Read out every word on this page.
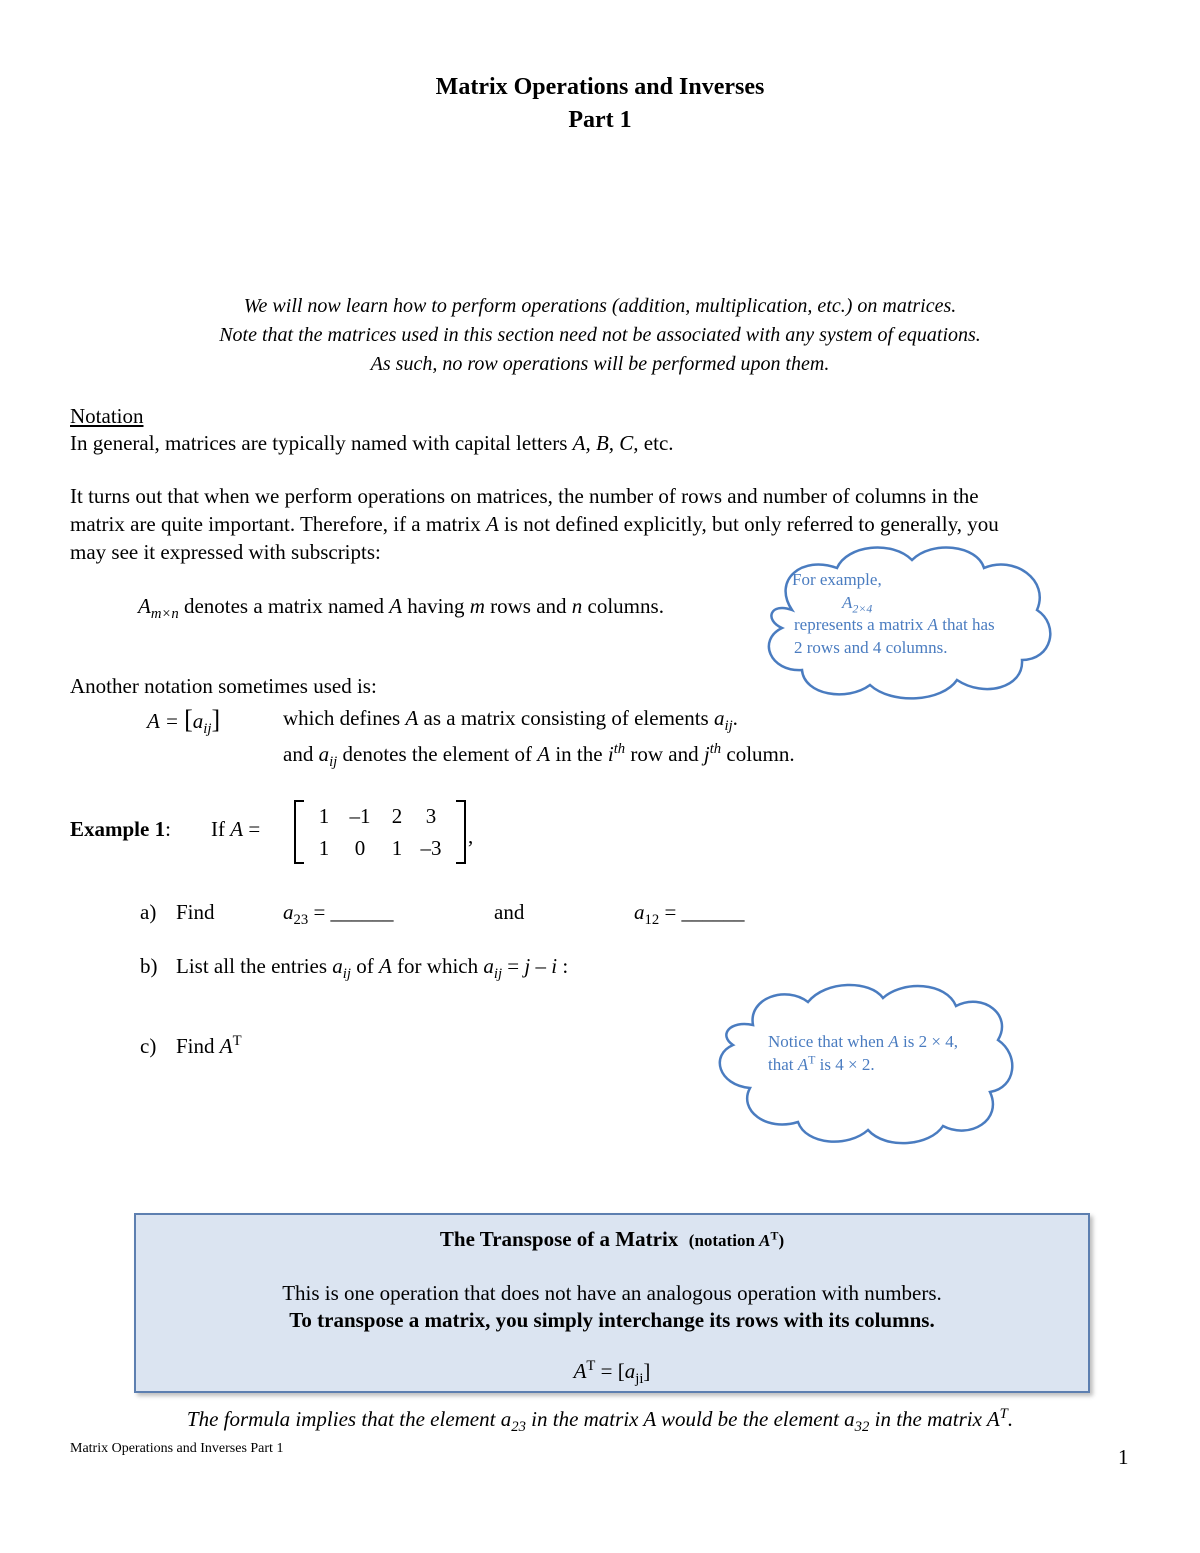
Matrix Operations and Inverses
Part 1
We will now learn how to perform operations (addition, multiplication, etc.) on matrices.
Note that the matrices used in this section need not be associated with any system of equations.
As such, no row operations will be performed upon them.
Notation
In general, matrices are typically named with capital letters A, B, C, etc.
It turns out that when we perform operations on matrices, the number of rows and number of columns in the
matrix are quite important. Therefore, if a matrix A is not defined explicitly, but only referred to generally, you
may see it expressed with subscripts:
$A_{m\times n}$ denotes a matrix named A having m rows and n columns.
Another notation sometimes used is:
$A = [a_{ij}]$	which defines A as a matrix consisting of elements $a_{ij}$.
and $a_{ij}$ denotes the element of A in the $i^{th}$ row and $j^{th}$ column.
For example,
$A_{2\times 4}$
represents a matrix A that has
2 rows and 4 columns.
Example 1: If A =
1 –1	2	3
1	0	1 –3	,
a) Find	$a_{23}$ = ______	and	$a_{12}$ = ______
b) List all the entries $a_{ij}$ of A for which $a_{ij} = j - i$ :
c) Find $A^T$	Notice that when A is 2 × 4,
that $A^T$ is 4 × 2.
The Transpose of a Matrix (notation $A^T$)
This is one operation that does not have an analogous operation with numbers.
To transpose a matrix, you simply interchange its rows with its columns.
$A^T = [a_{ji}]$
The formula implies that the element $a_{23}$ in the matrix A would be the element $a_{32}$ in the matrix $A^T$.
Matrix Operations and Inverses Part 1	1
